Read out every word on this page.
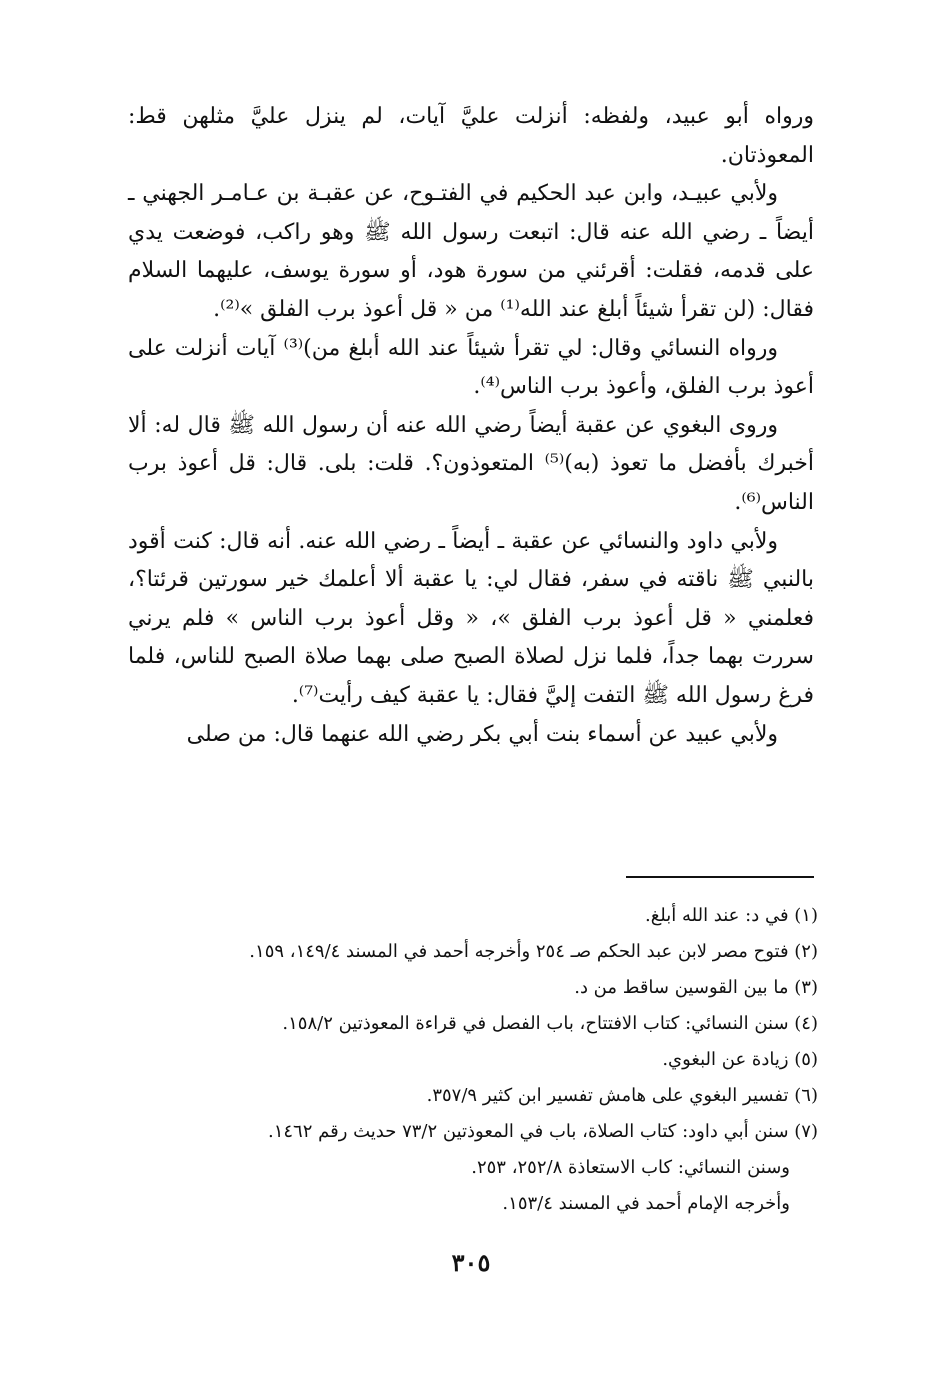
ورواه أبو عبيد، ولفظه: أنزلت عليَّ آيات، لم ينزل عليَّ مثلهن قط: المعوذتان.

ولأبي عبيـد، وابن عبد الحكيم في الفتـوح، عن عقبـة بن عـامـر الجهني ـ أيضاً ـ رضي الله عنه قال: اتبعت رسول الله ﷺ وهو راكب، فوضعت يدي على قدمه، فقلت: أقرئني من سورة هود، أو سورة يوسف، عليهما السلام فقال: (لن تقرأ شيئاً أبلغ عند الله⁽¹⁾ من « قل أعوذ برب الفلق »⁽²⁾.

ورواه النسائي وقال: لي تقرأ شيئاً عند الله أبلغ من)⁽³⁾ آيات أنزلت على أعوذ برب الفلق، وأعوذ برب الناس⁽⁴⁾.

وروى البغوي عن عقبة أيضاً رضي الله عنه أن رسول الله ﷺ قال له: ألا أخبرك بأفضل ما تعوذ (به)⁽⁵⁾ المتعوذون؟. قلت: بلى. قال: قل أعوذ برب الناس⁽⁶⁾.

ولأبي داود والنسائي عن عقبة ـ أيضاً ـ رضي الله عنه. أنه قال: كنت أقود بالنبي ﷺ ناقته في سفر، فقال لي: يا عقبة ألا أعلمك خير سورتين قرئتا؟، فعلمني « قل أعوذ برب الفلق »، « وقل أعوذ برب الناس » فلم يرني سررت بهما جداً، فلما نزل لصلاة الصبح صلى بهما صلاة الصبح للناس، فلما فرغ رسول الله ﷺ التفت إليَّ فقال: يا عقبة كيف رأيت⁽⁷⁾.

ولأبي عبيد عن أسماء بنت أبي بكر رضي الله عنهما قال: من صلى

(١) في د: عند الله أبلغ.

(٢) فتوح مصر لابن عبد الحكم صـ ٢٥٤ وأخرجه أحمد في المسند ١٤٩/٤، ١٥٩.

(٣) ما بين القوسين ساقط من د.

(٤) سنن النسائي: كتاب الافتتاح، باب الفصل في قراءة المعوذتين ١٥٨/٢.

(٥) زيادة عن البغوي.

(٦) تفسير البغوي على هامش تفسير ابن كثير ٣٥٧/٩.

(٧) سنن أبي داود: كتاب الصلاة، باب في المعوذتين ٧٣/٢ حديث رقم ١٤٦٢.

وسنن النسائي: كاب الاستعاذة ٢٥٢/٨، ٢٥٣.

وأخرجه الإمام أحمد في المسند ١٥٣/٤.

٣٠٥
